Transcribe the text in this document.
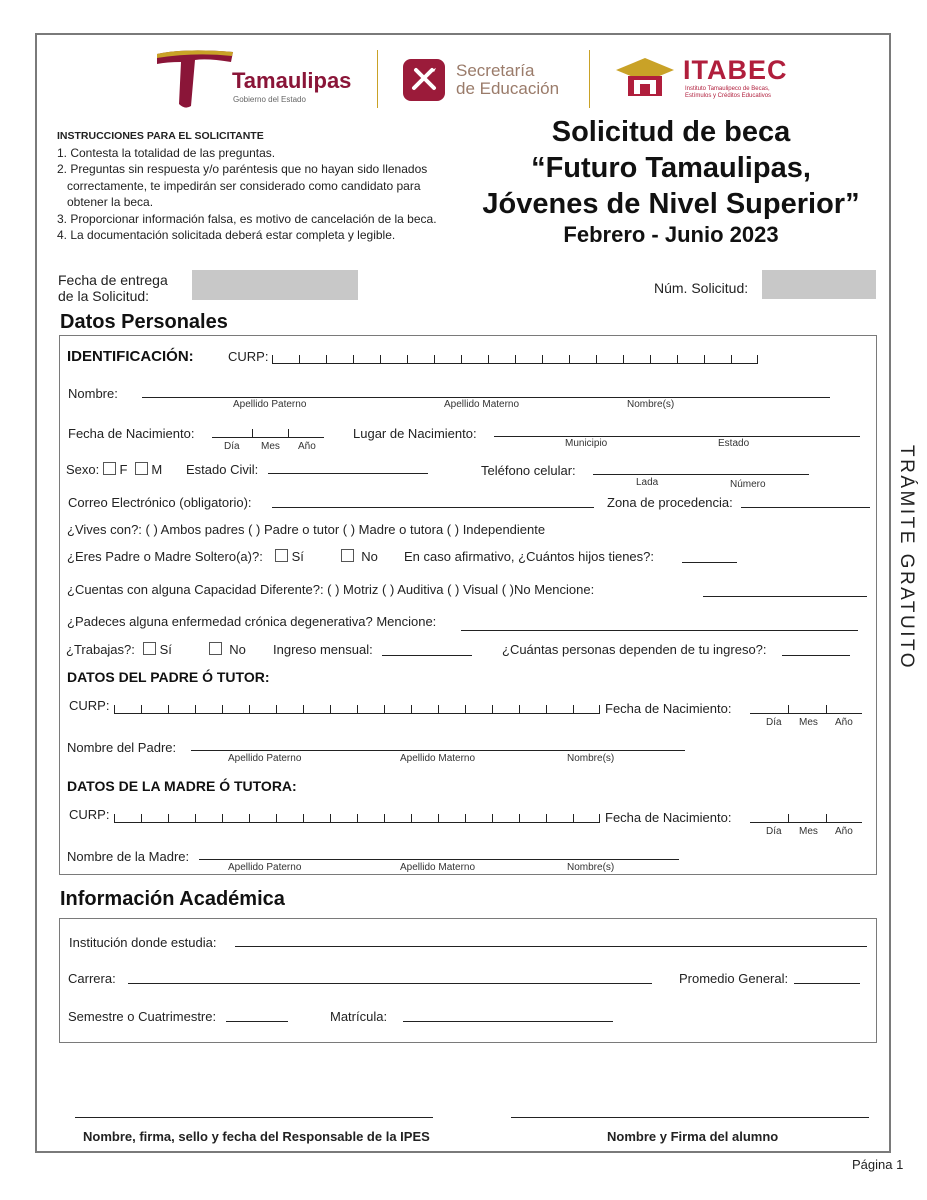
Tamaulipas
Gobierno del Estado
Secretaría
de Educación
ITABEC
Instituto Tamaulipeco de Becas,
Estímulos y Créditos Educativos
INSTRUCCIONES PARA EL SOLICITANTE
1. Contesta la totalidad de las preguntas.
2. Preguntas sin respuesta y/o paréntesis que no hayan sido llenados
correctamente, te impedirán ser considerado como candidato para
obtener la beca.
3. Proporcionar información falsa, es motivo de cancelación de la beca.
4. La documentación solicitada deberá estar completa y legible.
Solicitud de beca
“Futuro Tamaulipas,
Jóvenes de Nivel Superior”
Febrero - Junio 2023
Fecha de entrega
de la Solicitud:	Núm. Solicitud:
Datos Personales
IDENTIFICACIÓN:	CURP:
Nombre:
Apellido Paterno	Apellido Materno	Nombre(s)
Fecha de Nacimiento:
Día Mes Año
Lugar de Nacimiento:
Municipio	Estado
Sexo: F M Estado Civil:	Teléfono celular:
Lada	Número
Correo Electrónico (obligatorio):	Zona de procedencia:
¿Vives con?: ( ) Ambos padres ( ) Padre o tutor ( ) Madre o tutora ( ) Independiente
¿Eres Padre o Madre Soltero(a)?:	Sí	No En caso afirmativo, ¿Cuántos hijos tienes?:
¿Cuentas con alguna Capacidad Diferente?: ( ) Motriz ( ) Auditiva ( ) Visual ( )No Mencione:
¿Padeces alguna enfermedad crónica degenerativa? Mencione:
¿Trabajas?:	Sí	No Ingreso mensual:	¿Cuántas personas dependen de tu ingreso?:
DATOS DEL PADRE Ó TUTOR:
CURP:	Fecha de Nacimiento:
Día Mes Año
Nombre del Padre:
Apellido Paterno	Apellido Materno	Nombre(s)
DATOS DE LA MADRE Ó TUTORA:
CURP:	Fecha de Nacimiento:
Día Mes Año
Nombre de la Madre:
Apellido Paterno	Apellido Materno	Nombre(s)
Información Académica
Institución donde estudia:
Carrera:	Promedio General:
Semestre o Cuatrimestre:	Matrícula:
Nombre, firma, sello y fecha del Responsable de la IPES	Nombre y Firma del alumno
TRÁMITE GRATUITO
Página 1
